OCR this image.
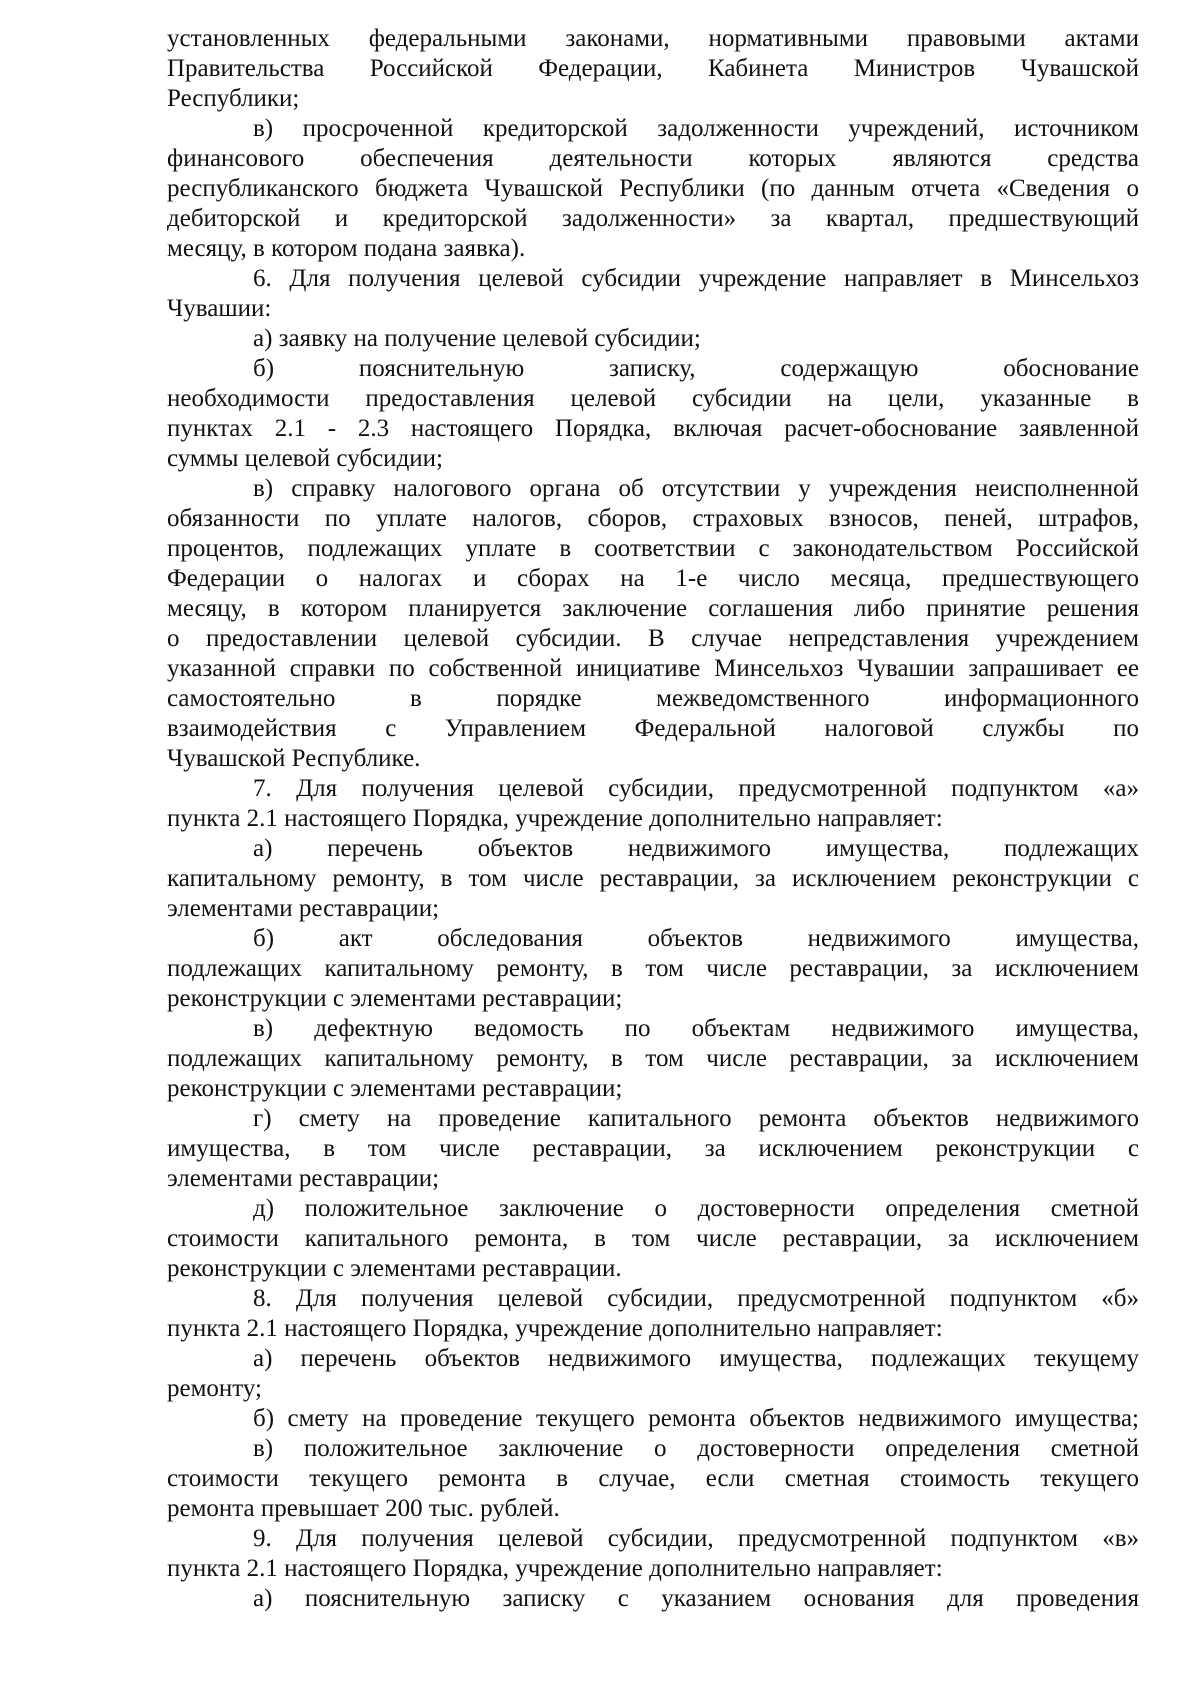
установленных федеральными законами, нормативными правовыми актами
Правительства Российской Федерации, Кабинета Министров Чувашской
Республики;
в) просроченной кредиторской задолженности учреждений, источником
финансового обеспечения деятельности которых являются средства
республиканского бюджета Чувашской Республики (по данным отчета «Сведения о
дебиторской и кредиторской задолженности» за квартал, предшествующий
месяцу, в котором подана заявка).
6. Для получения целевой субсидии учреждение направляет в Минсельхоз
Чувашии:
а) заявку на получение целевой субсидии;
б) пояснительную записку, содержащую обоснование
необходимости предоставления целевой субсидии на цели, указанные в
пунктах 2.1 - 2.3 настоящего Порядка, включая расчет-обоснование заявленной
суммы целевой субсидии;
в) справку налогового органа об отсутствии у учреждения неисполненной
обязанности по уплате налогов, сборов, страховых взносов, пеней, штрафов,
процентов, подлежащих уплате в соответствии с законодательством Российской
Федерации о налогах и сборах на 1-е число месяца, предшествующего
месяцу, в котором планируется заключение соглашения либо принятие решения
о предоставлении целевой субсидии. В случае непредставления учреждением
указанной справки по собственной инициативе Минсельхоз Чувашии запрашивает ее
самостоятельно в порядке межведомственного информационного
взаимодействия с Управлением Федеральной налоговой службы по
Чувашской Республике.
7. Для получения целевой субсидии, предусмотренной подпунктом «а»
пункта 2.1 настоящего Порядка, учреждение дополнительно направляет:
а) перечень объектов недвижимого имущества, подлежащих
капитальному ремонту, в том числе реставрации, за исключением реконструкции с
элементами реставрации;
б) акт обследования объектов недвижимого имущества,
подлежащих капитальному ремонту, в том числе реставрации, за исключением
реконструкции с элементами реставрации;
в) дефектную ведомость по объектам недвижимого имущества,
подлежащих капитальному ремонту, в том числе реставрации, за исключением
реконструкции с элементами реставрации;
г) смету на проведение капитального ремонта объектов недвижимого
имущества, в том числе реставрации, за исключением реконструкции с
элементами реставрации;
д) положительное заключение о достоверности определения сметной
стоимости капитального ремонта, в том числе реставрации, за исключением
реконструкции с элементами реставрации.
8. Для получения целевой субсидии, предусмотренной подпунктом «б»
пункта 2.1 настоящего Порядка, учреждение дополнительно направляет:
а) перечень объектов недвижимого имущества, подлежащих текущему
ремонту;
б) смету на проведение текущего ремонта объектов недвижимого имущества;
в) положительное заключение о достоверности определения сметной
стоимости текущего ремонта в случае, если сметная стоимость текущего
ремонта превышает 200 тыс. рублей.
9. Для получения целевой субсидии, предусмотренной подпунктом «в»
пункта 2.1 настоящего Порядка, учреждение дополнительно направляет:
а) пояснительную записку с указанием основания для проведения
